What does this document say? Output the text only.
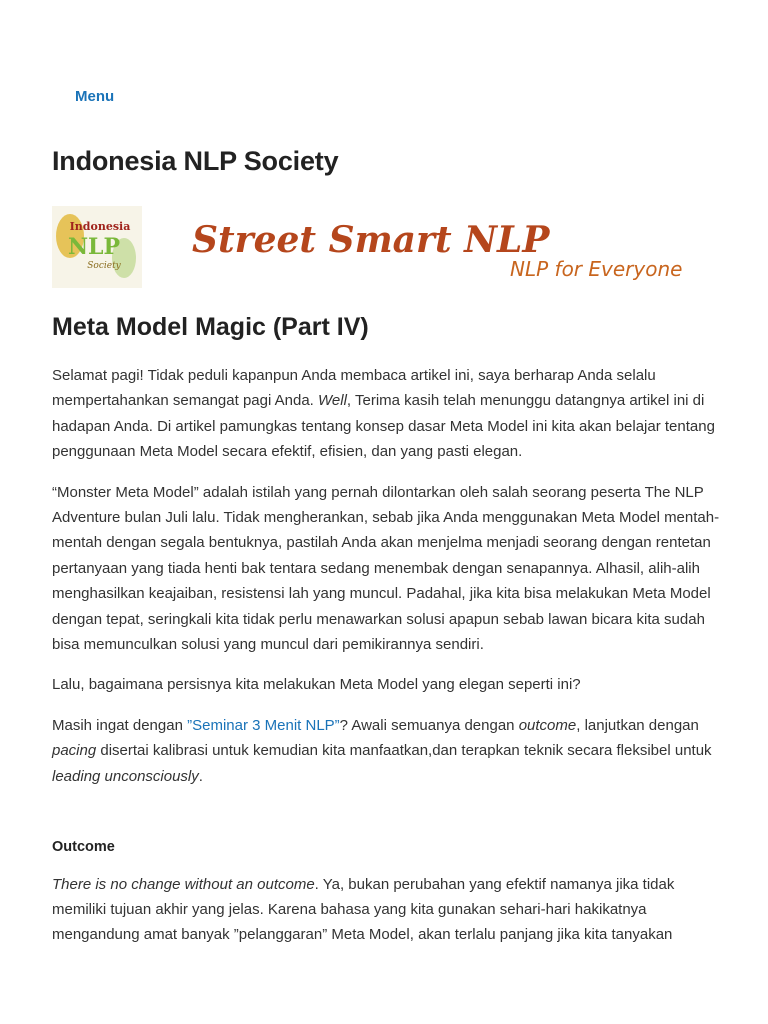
Menu
Indonesia NLP Society
Indonesia
NLP
Society
Street Smart NLP
NLP for Everyone
Meta Model Magic (Part IV)

Selamat pagi! Tidak peduli kapanpun Anda membaca artikel ini, saya berharap Anda selalu mempertahankan semangat pagi Anda. Well, Terima kasih telah menunggu datangnya artikel ini di hadapan Anda. Di artikel pamungkas tentang konsep dasar Meta Model ini kita akan belajar tentang penggunaan Meta Model secara efektif, efisien, dan yang pasti elegan.

“Monster Meta Model” adalah istilah yang pernah dilontarkan oleh salah seorang peserta The NLP Adventure bulan Juli lalu. Tidak mengherankan, sebab jika Anda menggunakan Meta Model mentah-mentah dengan segala bentuknya, pastilah Anda akan menjelma menjadi seorang dengan rentetan pertanyaan yang tiada henti bak tentara sedang menembak dengan senapannya. Alhasil, alih-alih menghasilkan keajaiban, resistensi lah yang muncul. Padahal, jika kita bisa melakukan Meta Model dengan tepat, seringkali kita tidak perlu menawarkan solusi apapun sebab lawan bicara kita sudah bisa memunculkan solusi yang muncul dari pemikirannya sendiri.

Lalu, bagaimana persisnya kita melakukan Meta Model yang elegan seperti ini?

Masih ingat dengan ”Seminar 3 Menit NLP”? Awali semuanya dengan outcome, lanjutkan dengan pacing disertai kalibrasi untuk kemudian kita manfaatkan,dan terapkan teknik secara fleksibel untuk leading unconsciously.

Outcome

There is no change without an outcome. Ya, bukan perubahan yang efektif namanya jika tidak memiliki tujuan akhir yang jelas. Karena bahasa yang kita gunakan sehari-hari hakikatnya mengandung amat banyak ”pelanggaran” Meta Model, akan terlalu panjang jika kita tanyakan
